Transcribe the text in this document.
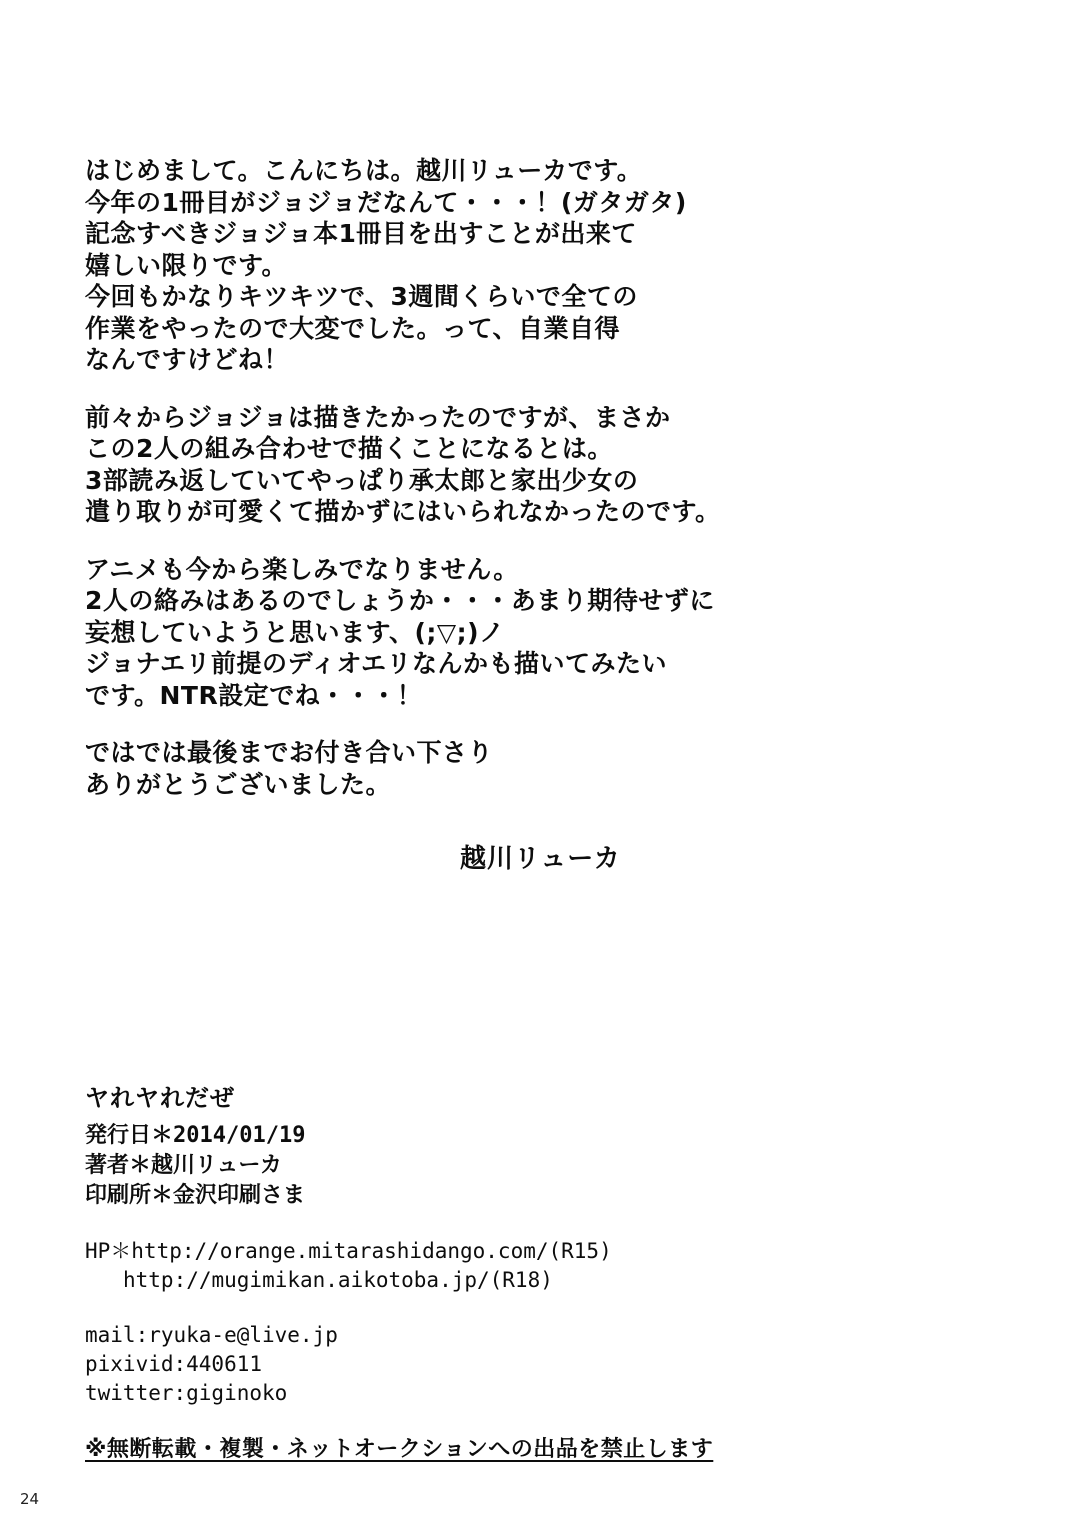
はじめまして。こんにちは。越川リューカです。
今年の1冊目がジョジョだなんて・・・！(ガタガタ)
記念すべきジョジョ本1冊目を出すことが出来て
嬉しい限りです。
今回もかなりキツキツで、3週間くらいで全ての
作業をやったので大変でした。って、自業自得
なんですけどね！
前々からジョジョは描きたかったのですが、まさか
この2人の組み合わせで描くことになるとは。
3部読み返していてやっぱり承太郎と家出少女の
遣り取りが可愛くて描かずにはいられなかったのです。
アニメも今から楽しみでなりません。
2人の絡みはあるのでしょうか・・・あまり期待せずに
妄想していようと思います、(;▽;)ノ
ジョナエリ前提のディオエリなんかも描いてみたい
です。NTR設定でね・・・！
ではでは最後までお付き合い下さり
ありがとうございました。
越川リューカ
ヤれヤれだぜ
発行日＊2014/01/19
著者＊越川リューカ
印刷所＊金沢印刷さま
HP＊http://orange.mitarashidango.com/(R15)
http://mugimikan.aikotoba.jp/(R18)
mail:ryuka-e@live.jp
pixivid:440611
twitter:giginoko
※無断転載・複製・ネットオークションへの出品を禁止します
24
